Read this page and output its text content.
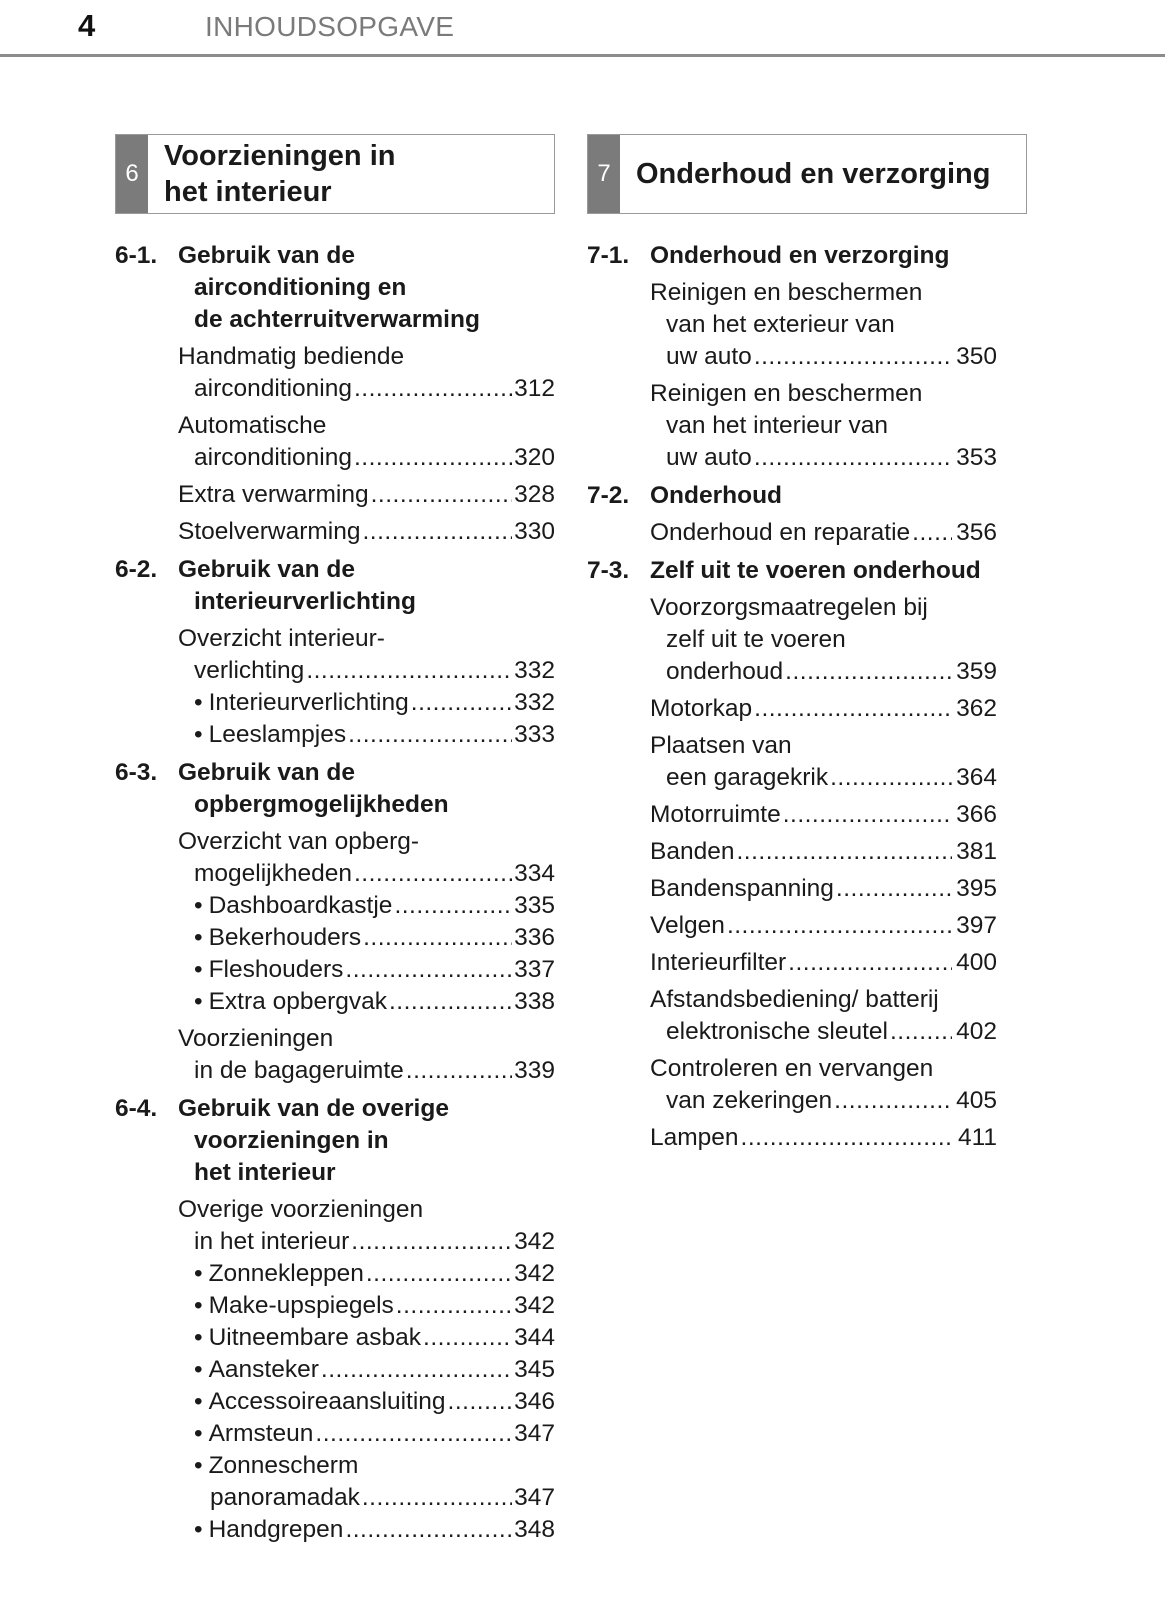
4	INHOUDSOPGAVE
6
Voorzieningen in
het interieur
7 Onderhoud en verzorging
6-1. Gebruik van de
airconditioning en
de achterruitverwarming
Handmatig bediende
airconditioning .....	312
Automatische
airconditioning .....	320
Extra verwarming .....	328
Stoelverwarming .....	330
6-2. Gebruik van de
interieurverlichting
Overzicht interieur-
verlichting .....	332
• Interieurverlichting .....	332
• Leeslampjes .....	333
6-3. Gebruik van de
opbergmogelijkheden
Overzicht van opberg-
mogelijkheden .....	334
• Dashboardkastje .....	335
• Bekerhouders .....	336
• Fleshouders .....	337
• Extra opbergvak .....	338
Voorzieningen
in de bagageruimte .....	339
6-4. Gebruik van de overige
voorzieningen in
het interieur
Overige voorzieningen
in het interieur .....	342
• Zonnekleppen .....	342
• Make-upspiegels .....	342
• Uitneembare asbak .....	344
• Aansteker .....	345
• Accessoireaansluiting .....	346
• Armsteun .....	347
• Zonnescherm
panoramadak .....	347
• Handgrepen .....	348
7-1. Onderhoud en verzorging
Reinigen en beschermen
van het exterieur van
uw auto .....	350
Reinigen en beschermen
van het interieur van
uw auto .....	353
7-2. Onderhoud
Onderhoud en reparatie ..... 356
7-3. Zelf uit te voeren onderhoud
Voorzorgsmaatregelen bij
zelf uit te voeren
onderhoud .....	359
Motorkap .....	362
Plaatsen van
een garagekrik .....	364
Motorruimte .....	366
Banden .....	381
Bandenspanning .....	395
Velgen .....	397
Interieurfilter .....	400
Afstandsbediening/ batterij
elektronische sleutel .....	402
Controleren en vervangen
van zekeringen .....	405
Lampen .....	411
